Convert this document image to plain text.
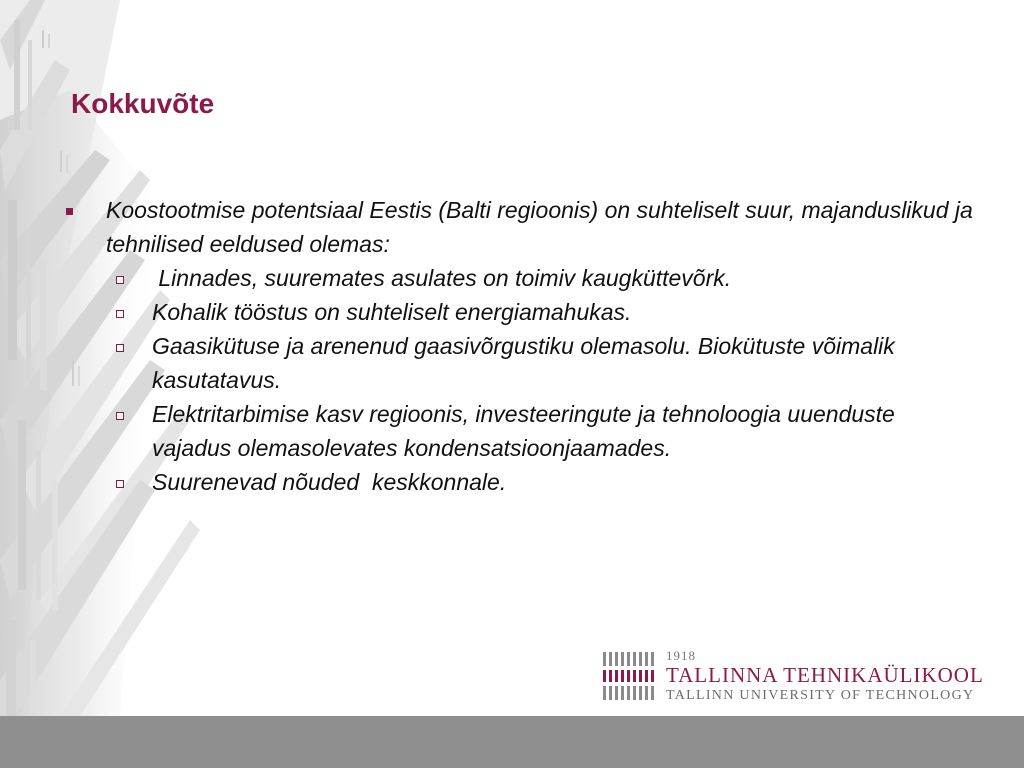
Kokkuvõte
Koostootmise potentsiaal Eestis (Balti regioonis) on suhteliselt suur, majanduslikud ja tehnilised eeldused olemas:
Linnades, suuremates asulates on toimiv kaugküttevõrk.
Kohalik tööstus on suhteliselt energiamahukas.
Gaasikütuse ja arenenud gaasivõrgustiku olemasolu. Biokütuste võimalik kasutatavus.
Elektritarbimise kasv regioonis, investeeringute ja tehnoloogia uuenduste  vajadus olemasolevates kondensatsioonjaamades.
Suurenevad nõuded  keskkonnale.
1918
TALLINNA TEHNIKAÜLIKOOL
TALLINN UNIVERSITY OF TECHNOLOGY
